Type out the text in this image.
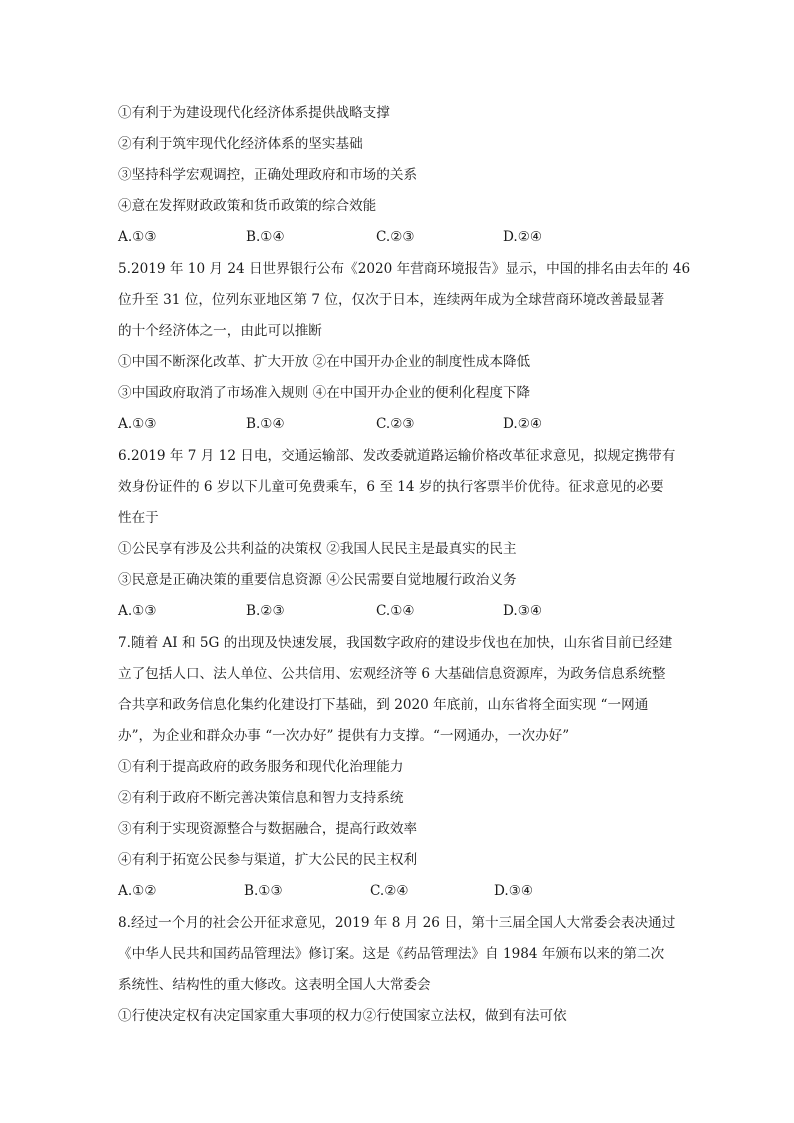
①有利于为建设现代化经济体系提供战略支撑
②有利于筑牢现代化经济体系的坚实基础
③坚持科学宏观调控，正确处理政府和市场的关系
④意在发挥财政政策和货币政策的综合效能
A.①③	B.①④	C.②③	D.②④
5.2019 年 10 月 24 日世界银行公布《2020 年营商环境报告》显示，中国的排名由去年的 46
位升至 31 位，位列东亚地区第 7 位，仅次于日本，连续两年成为全球营商环境改善最显著
的十个经济体之一，由此可以推断
①中国不断深化改革、扩大开放 ②在中国开办企业的制度性成本降低
③中国政府取消了市场准入规则 ④在中国开办企业的便利化程度下降
A.①③	B.①④	C.②③	D.②④
6.2019 年 7 月 12 日电，交通运输部、发改委就道路运输价格改革征求意见，拟规定携带有
效身份证件的 6 岁以下儿童可免费乘车，6 至 14 岁的执行客票半价优待。征求意见的必要
性在于
①公民享有涉及公共利益的决策权 ②我国人民民主是最真实的民主
③民意是正确决策的重要信息资源 ④公民需要自觉地履行政治义务
A.①③	B.②③	C.①④	D.③④
7.随着 AI 和 5G 的出现及快速发展，我国数字政府的建设步伐也在加快，山东省目前已经建
立了包括人口、法人单位、公共信用、宏观经济等 6 大基础信息资源库，为政务信息系统整
合共享和政务信息化集约化建设打下基础，到 2020 年底前，山东省将全面实现 “一网通
办”，为企业和群众办事 “一次办好” 提供有力支撑。“一网通办，一次办好”
①有利于提高政府的政务服务和现代化治理能力
②有利于政府不断完善决策信息和智力支持系统
③有利于实现资源整合与数据融合，提高行政效率
④有利于拓宽公民参与渠道，扩大公民的民主权利
A.①②	B.①③	C.②④	D.③④
8.经过一个月的社会公开征求意见，2019 年 8 月 26 日，第十三届全国人大常委会表决通过
《中华人民共和国药品管理法》修订案。这是《药品管理法》自 1984 年颁布以来的第二次
系统性、结构性的重大修改。这表明全国人大常委会
①行使决定权有决定国家重大事项的权力②行使国家立法权，做到有法可依
